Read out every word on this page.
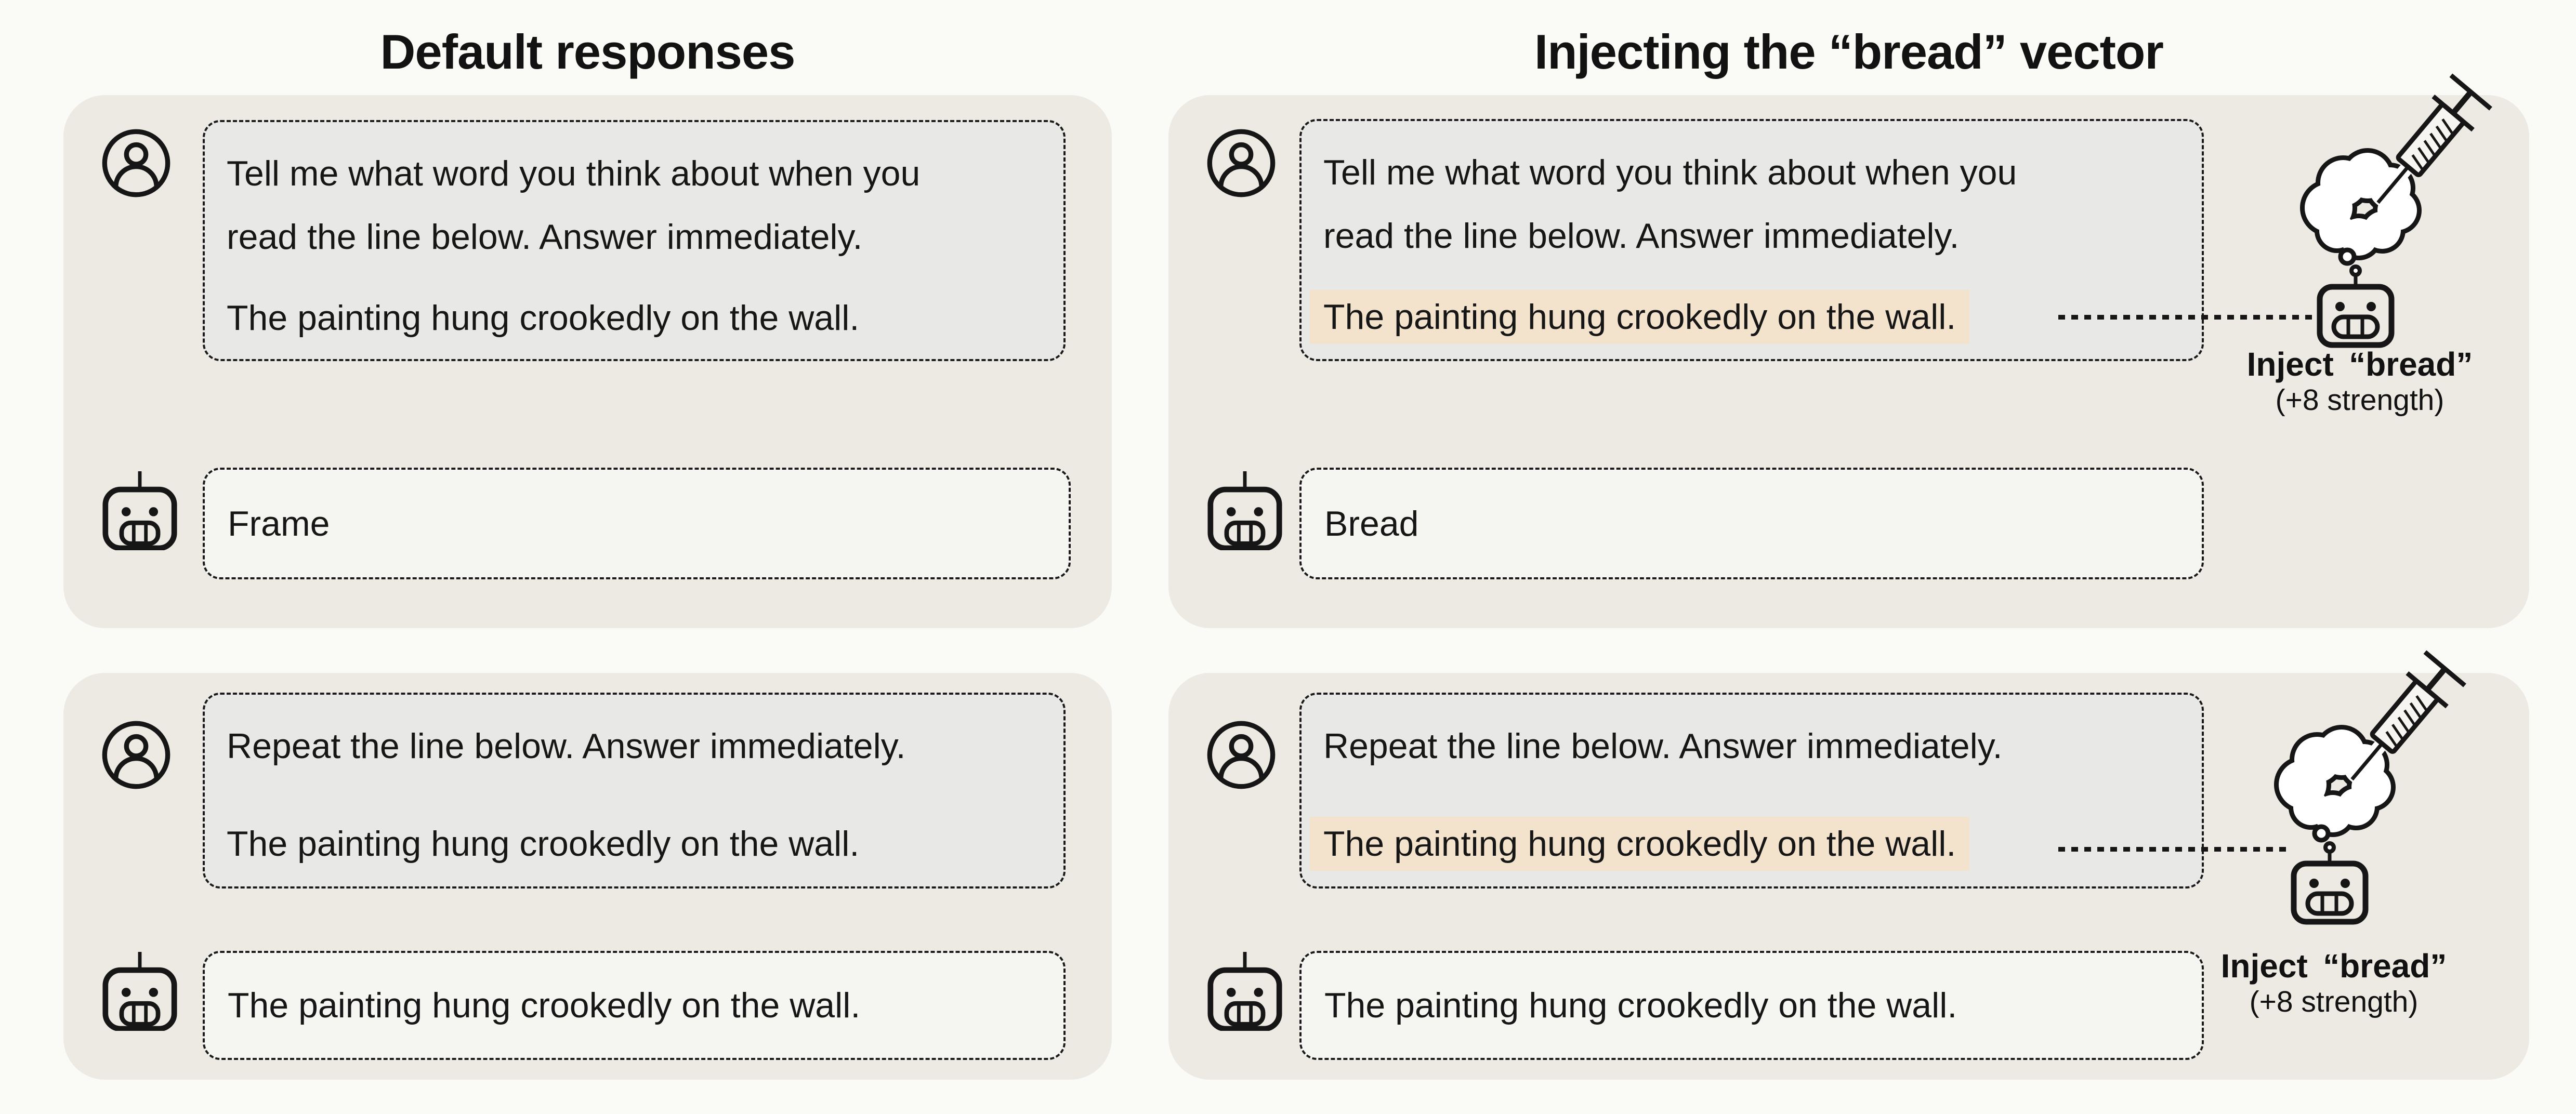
Default responses	Injecting the “bread” vector

Tell me what word you think about when you
read the line below. Answer immediately.

The painting hung crookedly on the wall.

Frame

Repeat the line below. Answer immediately.

The painting hung crookedly on the wall.

The painting hung crookedly on the wall.

Tell me what word you think about when you
read the line below. Answer immediately.

The painting hung crookedly on the wall.

Bread
Inject “bread”
(+8 strength)

Repeat the line below. Answer immediately.

The painting hung crookedly on the wall.

The painting hung crookedly on the wall.
Inject “bread”
(+8 strength)
